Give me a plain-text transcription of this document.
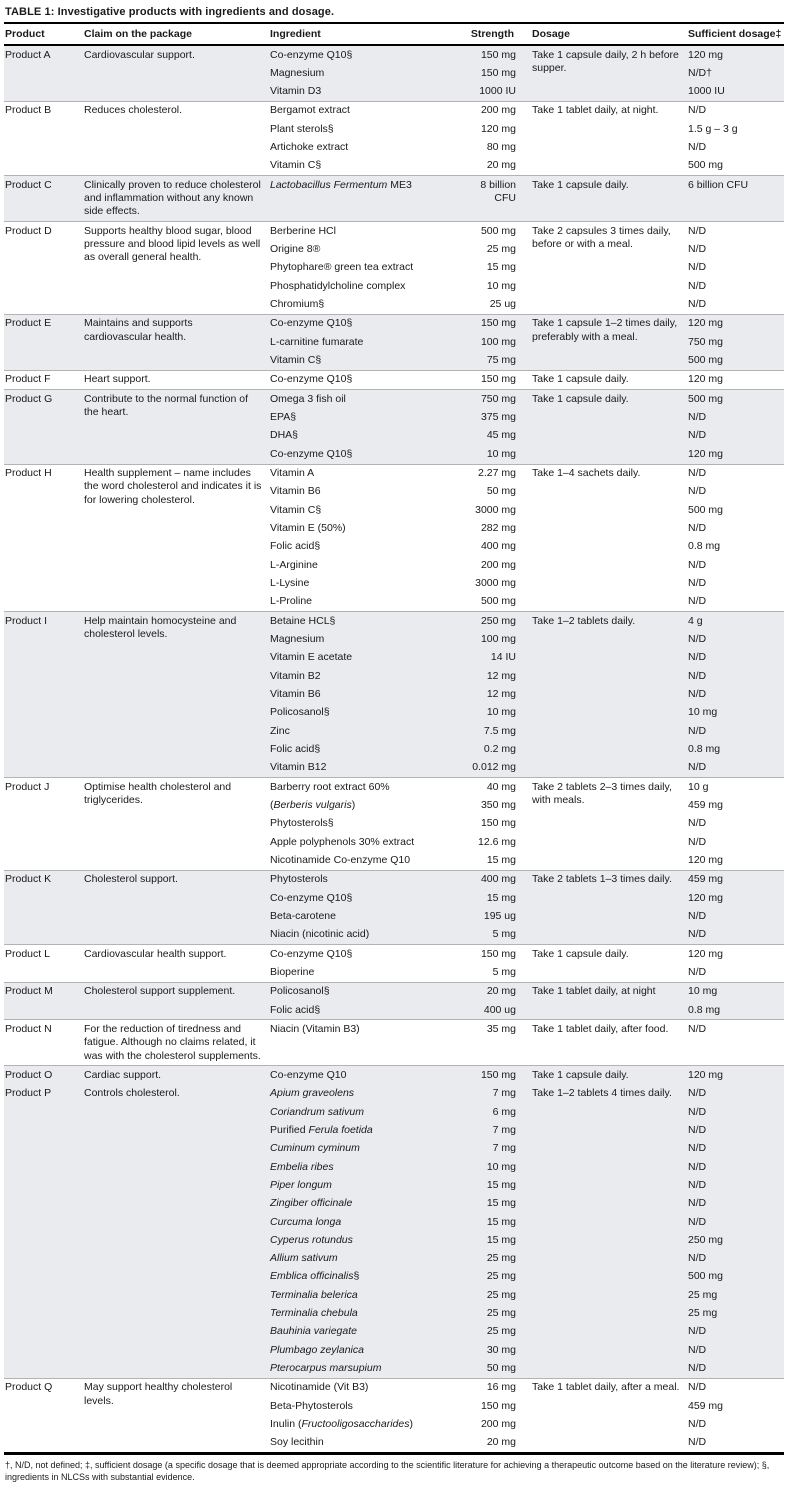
TABLE 1: Investigative products with ingredients and dosage.
Product	Claim on the package	Ingredient	Strength	Dosage	Sufficient dosage‡
Product A	Cardiovascular support.	Co-enzyme Q10§	150 mg	Take 1 capsule daily, 2 h before supper.	120 mg
		Magnesium	150 mg		N/D†
		Vitamin D3	1000 IU		1000 IU
Product B	Reduces cholesterol.	Bergamot extract	200 mg	Take 1 tablet daily, at night.	N/D
		Plant sterols§	120 mg		1.5 g – 3 g
		Artichoke extract	80 mg		N/D
		Vitamin C§	20 mg		500 mg
Product C	Clinically proven to reduce cholesterol and inflammation without any known side effects.	Lactobacillus Fermentum ME3	8 billion CFU	Take 1 capsule daily.	6 billion CFU
Product D	Supports healthy blood sugar, blood pressure and blood lipid levels as well as overall general health.	Berberine HCl	500 mg	Take 2 capsules 3 times daily, before or with a meal.	N/D
		Origine 8®	25 mg		N/D
		Phytophare® green tea extract	15 mg		N/D
		Phosphatidylcholine complex	10 mg		N/D
		Chromium§	25 ug		N/D
Product E	Maintains and supports cardiovascular health.	Co-enzyme Q10§	150 mg	Take 1 capsule 1–2 times daily, preferably with a meal.	120 mg
		L-carnitine fumarate	100 mg		750 mg
		Vitamin C§	75 mg		500 mg
Product F	Heart support.	Co-enzyme Q10§	150 mg	Take 1 capsule daily.	120 mg
Product G	Contribute to the normal function of the heart.	Omega 3 fish oil	750 mg	Take 1 capsule daily.	500 mg
		EPA§	375 mg		N/D
		DHA§	45 mg		N/D
		Co-enzyme Q10§	10 mg		120 mg
Product H	Health supplement – name includes the word cholesterol and indicates it is for lowering cholesterol.	Vitamin A	2.27 mg	Take 1–4 sachets daily.	N/D
		Vitamin B6	50 mg		N/D
		Vitamin C§	3000 mg		500 mg
		Vitamin E (50%)	282 mg		N/D
		Folic acid§	400 mg		0.8 mg
		L-Arginine	200 mg		N/D
		L-Lysine	3000 mg		N/D
		L-Proline	500 mg		N/D
Product I	Help maintain homocysteine and cholesterol levels.	Betaine HCL§	250 mg	Take 1–2 tablets daily.	4 g
		Magnesium	100 mg		N/D
		Vitamin E acetate	14 IU		N/D
		Vitamin B2	12 mg		N/D
		Vitamin B6	12 mg		N/D
		Policosanol§	10 mg		10 mg
		Zinc	7.5 mg		N/D
		Folic acid§	0.2 mg		0.8 mg
		Vitamin B12	0.012 mg		N/D
Product J	Optimise health cholesterol and triglycerides.	Barberry root extract 60%	40 mg	Take 2 tablets 2–3 times daily, with meals.	10 g
		(Berberis vulgaris)	350 mg		459 mg
		Phytosterols§	150 mg		N/D
		Apple polyphenols 30% extract	12.6 mg		N/D
		Nicotinamide Co-enzyme Q10	15 mg		120 mg
Product K	Cholesterol support.	Phytosterols	400 mg	Take 2 tablets 1–3 times daily.	459 mg
		Co-enzyme Q10§	15 mg		120 mg
		Beta-carotene	195 ug		N/D
		Niacin (nicotinic acid)	5 mg		N/D
Product L	Cardiovascular health support.	Co-enzyme Q10§	150 mg	Take 1 capsule daily.	120 mg
		Bioperine	5 mg		N/D
Product M	Cholesterol support supplement.	Policosanol§	20 mg	Take 1 tablet daily, at night	10 mg
		Folic acid§	400 ug		0.8 mg
Product N	For the reduction of tiredness and fatigue. Although no claims related, it was with the cholesterol supplements.	Niacin (Vitamin B3)	35 mg	Take 1 tablet daily, after food.	N/D
Product O	Cardiac support.	Co-enzyme Q10	150 mg	Take 1 capsule daily.	120 mg
Product P	Controls cholesterol.	Apium graveolens	7 mg	Take 1–2 tablets 4 times daily.	N/D
		Coriandrum sativum	6 mg		N/D
		Purified Ferula foetida	7 mg		N/D
		Cuminum cyminum	7 mg		N/D
		Embelia ribes	10 mg		N/D
		Piper longum	15 mg		N/D
		Zingiber officinale	15 mg		N/D
		Curcuma longa	15 mg		N/D
		Cyperus rotundus	15 mg		250 mg
		Allium sativum	25 mg		N/D
		Emblica officinalis§	25 mg		500 mg
		Terminalia belerica	25 mg		25 mg
		Terminalia chebula	25 mg		25 mg
		Bauhinia variegate	25 mg		N/D
		Plumbago zeylanica	30 mg		N/D
		Pterocarpus marsupium	50 mg		N/D
Product Q	May support healthy cholesterol levels.	Nicotinamide (Vit B3)	16 mg	Take 1 tablet daily, after a meal.	N/D
		Beta-Phytosterols	150 mg		459 mg
		Inulin (Fructooligosaccharides)	200 mg		N/D
		Soy lecithin	20 mg		N/D
†, N/D, not defined; ‡, sufficient dosage (a specific dosage that is deemed appropriate according to the scientific literature for achieving a therapeutic outcome based on the literature review); §, ingredients in NLCSs with substantial evidence.
